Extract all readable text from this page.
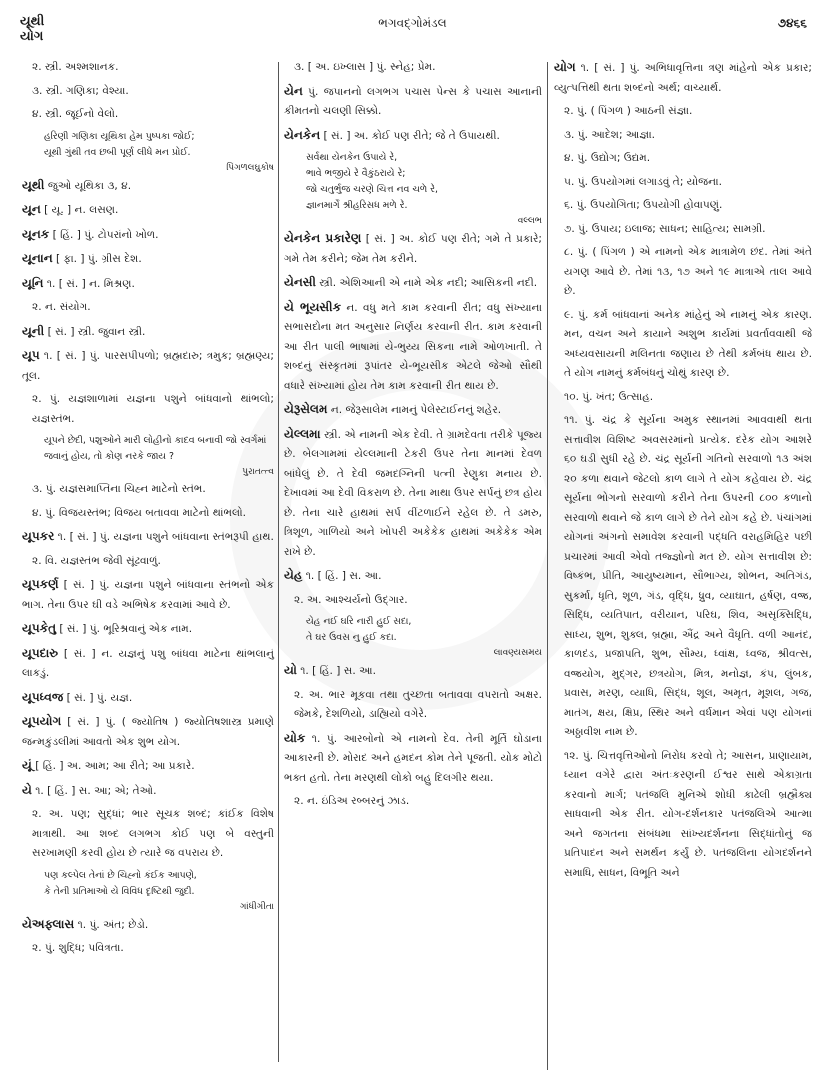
યૂથી
યોગ
ભગવદ્ગોમંડલ	૭૪૬૬
૨. સ્ત્રી. અશ્મશાનક.
૩. સ્ત્રી. ગણિકા; વેશ્યા.
૪. સ્ત્રી. જૂઈનો વેલો.
હરિણી ગણિકા યૂથિકા હેમ પુષ્પકા જોઈ;
યૂથી ગુંથી તવ છબી પૂર્ણ લીધે મન પ્રોઈ.
પિંગળલઘુકોષ
યૂથી જુઓ યૂથિકા ૩, ૪.
યૂન [ યૂ. ] ન. લસણ.
યૂનક [ હિં. ] પું. ટોપરાંનો ખોળ.
યૂનાન [ ફા. ] પું. ગ્રીસ દેશ.
યૂનિ ૧. [ સં. ] ન. મિશ્રણ.
૨. ન. સંયોગ.
યૂની [ સં. ] સ્ત્રી. જુવાન સ્ત્રી.
યૂપ ૧. [ સં. ] પું. પારસપીપળો; બ્રહ્મદારુ; ત્રમુક; બ્રહ્મણ્ય; તૂલ.
૨. પું. યજ્ઞશાળામાં યજ્ઞના પશુને બાંધવાનો થાંભલો; યજ્ઞસ્તંભ.
યૂપને છેદી, પશુઓને મારી લોહીનો કાદવ બનાવી જો સ્વર્ગમાં જવાનું હોય, તો કોણ નરકે જાય ?
પુરાતત્ત્વ
૩. પું. યજ્ઞસમાપ્તિના ચિહ્ન માટેનો સ્તંભ.
૪. પું. વિજયસ્તંભ; વિજય બતાવવા માટેનો થાંભલો.
યૂપકર ૧. [ સં. ] પું. યજ્ઞના પશુને બાંધવાના સ્તંભરૂપી હાથ.
૨. વિ. યજ્ઞસ્તંભ જેવી સૂંઢવાળું.
યૂપકર્ણ [ સં. ] પું. યજ્ઞના પશુને બાંધવાના સ્તંભનો એક ભાગ. તેના ઉપર ઘી વડે અભિષેક કરવામાં આવે છે.
યૂપકેતુ [ સં. ] પું. ભૂરિશ્રવાનું એક નામ.
યૂપદારુ [ સં. ] ન. યજ્ઞનું પશુ બાંધવા માટેના થાંભલાનું લાકડું.
યૂપધ્વજ [ સં. ] પું. યજ્ઞ.
યૂપયોગ [ સં. ] પું. ( જ્યોતિષ ) જ્યોતિષશાસ્ત્ર પ્રમાણે જન્મકુંડલીમાં આવતો એક શુભ યોગ.
યૂં [ હિં. ] અ. આમ; આ રીતે; આ પ્રકારે.
યે ૧. [ હિં. ] સ. આ; એ; તેઓ.
૨. અ. પણ; સુદ્ધાં; ભાર સૂચક શબ્દ; કાંઈક વિશેષ માત્રાથી. આ શબ્દ લગભગ કોઈ પણ બે વસ્તુની સરખામણી કરવી હોય છે ત્યારે જ વપરાય છે.
પણ કલ્પેલ તેનાં છે ચિહ્નો કંઈક આપણે,
કે તેની પ્રતિમાઓ યે વિવિધ દૃષ્ટિથી જુદી.
ગાંધીગીતા
યેઅફ્લાસ ૧. પું. અંત; છેડો.
૨. પું. શુદ્ધિ; પવિત્રતા.
૩. [ અ. ઇખ્લાસ ] પું. સ્નેહ; પ્રેમ.
યેન પું. જપાનનો લગભગ પચાસ પેન્સ કે પચાસ આનાની કીમતનો ચલણી સિક્કો.
યેનકેન [ સં. ] અ. કોઈ પણ રીતે; જે તે ઉપાયથી.
સર્વથા યેનકેન ઉપાયે રે,
ભાવે ભજીયે રે વૈકુંઠરાયે રે;
જો ચતુર્ભુજ ચરણે ચિત્ત નવ ચળે રે,
જ્ઞાનમાર્ગે શ્રીહરિસધ મળે રે.
વલ્લભ
યેનકેન પ્રકારેણ [ સં. ] અ. કોઈ પણ રીતે; ગમે તે પ્રકારે; ગમે તેમ કરીને; જેમ તેમ કરીને.
યેનસી સ્ત્રી. એશિઆની એ નામે એક નદી; આસિકની નદી.
યે ભૂયસીક ન. વધુ મતે કામ કરવાની રીત; વધુ સંખ્યાના સભાસદોના મત અનુસાર નિર્ણય કરવાની રીત. કામ કરવાની આ રીત પાલી ભાષામાં યે-ભુય્ય સિકના નામે ઓળખાતી. તે શબ્દનું સંસ્કૃતમાં રૂપાંતર યે-ભૂયસીક એટલે જેઓ સૌથી વધારે સંખ્યામાં હોય તેમ કામ કરવાની રીત થાય છે.
યેરૂસેલમ ન. જેરૂસાલેમ નામનું પેલેસ્ટાઈનનું શહેર.
યેલ્લમા સ્ત્રી. એ નામની એક દેવી. તે ગ્રામદેવતા તરીકે પૂજ્ય છે. બેલગામમાં યેલ્લમાની ટેકરી ઉપર તેના માનમાં દેવળ બાંધેલું છે. તે દેવી જમદગ્નિની પત્ની રેણુકા મનાય છે. દેખાવમાં આ દેવી વિકરાળ છે. તેના માથા ઉપર સર્પનું છત્ર હોય છે. તેના ચારે હાથમાં સર્પ વીંટળાઈને રહેલ છે. તે ડમરુ, ત્રિશૂળ, ગાળિયો અને ખોપરી અકેકેક હાથમાં અકેકેક એમ રાખે છે.
યેહ ૧. [ હિં. ] સ. આ.
૨. અ. આશ્ચર્યનો ઉદ્ગાર.
યેહ નઈ ઘરિ નારી હુઈ સદા,
તે ઘર ઉવસ નુ હુઈ કદા.
લાવણ્યસમય
યો ૧. [ હિં. ] સ. આ.
૨. અ. ભાર મૂકવા તથા તુચ્છતા બતાવવા વપરાતો અક્ષર. જેમકે, દેશળિયો, ડાહ્યિયો વગેરે.
યોક ૧. પું. આરબોનો એ નામનો દેવ. તેની મૂર્તિ ઘોડાના આકારની છે. મોરાદ અને હમદન કોમ તેને પૂજતી. યોક મોટો ભક્ત હતો. તેના મરણથી લોકો બહુ દિલગીર થયા.
૨. ન. ઇંડિઅ રબ્બરનું ઝાડ.
યોગ ૧. [ સં. ] પું. અભિધાવૃત્તિના ત્રણ માંહેનો એક પ્રકાર; વ્યુત્પત્તિથી થતા શબ્દનો અર્થ; વાચ્યાર્થ.
૨. પું. ( પિંગળ ) આઠની સંજ્ઞા.
૩. પું. આદેશ; આજ્ઞા.
૪. પું. ઉદ્યોગ; ઉદ્યમ.
૫. પું. ઉપયોગમાં લગાડવું તે; યોજના.
૬. પું. ઉપયોગિતા; ઉપયોગી હોવાપણું.
૭. પું. ઉપાય; ઇલાજ; સાધન; સાહિત્ય; સામગ્રી.
૮. પું. ( પિંગળ ) એ નામનો એક માત્રામેળ છંદ. તેમાં અંતે યગણ આવે છે. તેમાં ૧૩, ૧૭ અને ૧૯ માત્રાએ તાલ આવે છે.
૯. પું. કર્મ બાંધવાનાં અનેક માંહેનું એ નામનું એક કારણ. મન, વચન અને કાયાને અશુભ કાર્યમાં પ્રવર્તાવવાથી જે અધ્યવસાયની મલિનતા જણાય છે તેથી કર્મબંધ થાય છે. તે યોગ નામનું કર્મબંધનું ચોથું કારણ છે.
૧૦. પું. ખંત; ઉત્સાહ.
૧૧. પું. ચંદ્ર કે સૂર્યના અમુક સ્થાનમાં આવવાથી થતા સત્તાવીશ વિશિષ્ટ અવસરમાંનો પ્રત્યેક. દરેક યોગ આશરે ૬૦ ઘડી સુધી રહે છે. ચંદ્ર સૂર્યની ગતિનો સરવાળો ૧૩ અંશ ૨૦ કળા થવાને જેટલો કાળ લાગે તે યોગ કહેવાય છે. ચંદ્ર સૂર્યના ભોગનો સરવાળો કરીને તેના ઉપરની ૮૦૦ કળાનો સરવાળો થવાને જે કાળ લાગે છે તેને યોગ કહે છે. પંચાંગમાં યોગનાં અંગનો સમાવેશ કરવાની પદ્ધતિ વરાહમિહિર પછી પ્રચારમાં આવી એવો તજ્જ્ઞોનો મત છે. યોગ સત્તાવીશ છે: વિષ્કંભ, પ્રીતિ, આયુષ્યમાન, સૌભાગ્ય, શોભન, અતિગંડ, સુકર્મા, ધૃતિ, શૂળ, ગંડ, વૃદ્ધિ, ધ્રુવ, વ્યાઘાત, હર્ષણ, વજ્ર, સિદ્ધિ, વ્યતિપાત, વરીયાન, પરિઘ, શિવ, અસૃક્સિદ્ધિ, સાધ્ય, શુભ, શુક્લ, બ્રહ્મા, ઐંદ્ર અને વૈધૃતિ. વળી આનંદ, કાળદંડ, પ્રજાપતિ, શુભ, સૌમ્ય, ધ્વાંક્ષ, ધ્વજ, શ્રીવત્સ, વજ્રયોગ, મુદ્ગર, છત્રયોગ, મિત્ર, મનોજ્ઞ, કંપ, લુંબક, પ્રવાસ, મરણ, વ્યાધિ, સિદ્ધ, શૂલ, અમૃત, મૂશલ, ગજ, માતંગ, ક્ષય, ક્ષિપ્ર, સ્થિર અને વર્ધમાન એવાં પણ યોગનાં અઠ્ઠાવીશ નામ છે.
૧૨. પું. ચિત્તવૃત્તિઓનો નિરોધ કરવો તે; આસન, પ્રાણાયામ, ધ્યાન વગેરે દ્વારા અંતઃકરણની ઈશ્વર સાથે એકાગ્રતા કરવાનો માર્ગ; પતંજલિ મુનિએ શોધી કાઢેલી બ્રહ્મૈક્ય સાધવાની એક રીત. યોગ-દર્શનકાર પતંજલિએ આત્મા અને જગતના સંબંધમા સાંખ્યદર્શનના સિદ્ધાંતોનું જ પ્રતિપાદન અને સમર્થન કર્યું છે. પતંજલિના યોગદર્શનને સમાધિ, સાધન, વિભૂતિ અને
